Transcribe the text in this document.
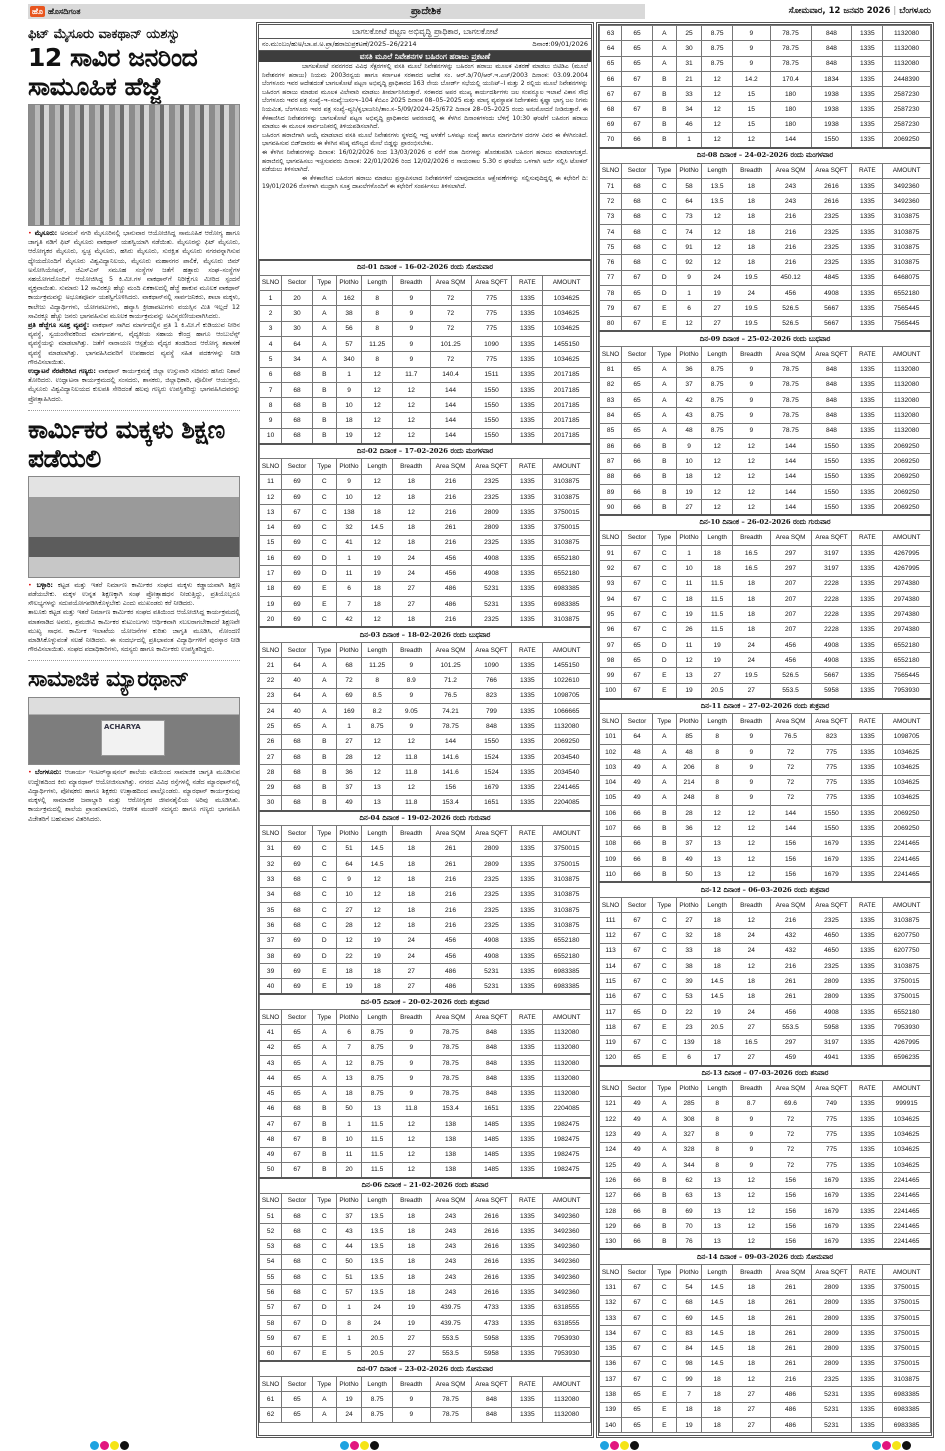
ಹೊ ಹೊಸದಿಗಂತ	ಪ್ರಾದೇಶಿಕ	ಸೋಮವಾರ, 12 ಜನವರಿ 2026 | ಬೆಂಗಳೂರು
ಫಿಟ್ ಮೈಸೂರು ವಾಕಥಾನ್ ಯಶಸ್ವು
12 ಸಾವಿರ ಜನರಿಂದ ಸಾಮೂಹಿಕ ಹೆಜ್ಜೆ

• ಮೈಸೂರು: ಅರಮನೆ ನಗರಿ ಮೈಸೂರಿನಲ್ಲಿ ಭಾನುವಾರ ಆಯೋಜಿಸಿದ್ದ ಸಾಮೂಹಿಕ ಆರೋಗ್ಯ ಹಾಗೂ ಜಾಗೃತಿ ನಡಿಗೆ ಫಿಟ್ ಮೈಸೂರು ವಾಕಥಾನ್ ಯಶಸ್ವಿಯಾಗಿ ನಡೆಯಿತು. ಮೈಸೂರನ್ನು ಫಿಟ್ ಮೈಸೂರು, ಆರೋಗ್ಯಕರ ಮೈಸೂರು, ಸ್ವಚ್ಛ ಮೈಸೂರು, ಹಸಿರು ಮೈಸೂರು, ಸುರಕ್ಷಿತ ಮೈಸೂರು ನಗರವನ್ನಾಗಿಸುವ ಧ್ಯೇಯದೊಂದಿಗೆ ಮೈಸೂರು ವಿಶ್ವವಿದ್ಯಾನಿಲಯ, ಮೈಸೂರು ಮಹಾನಗರ ಪಾಲಿಕೆ, ಮೈಸೂರು ಜಿಮ್ ಅಸೋಸಿಯೇಷನ್, ಜೆಎಸ್‌ಎಸ್ ಸಮೂಹ ಸಂಸ್ಥೆಗಳ ಜತೆಗೆ ಹತ್ತಾರು ಸಂಘ–ಸಂಸ್ಥೆಗಳ ಸಹಯೋಗದೊಂದಿಗೆ ಆಯೋಜಿಸಿದ್ದ 5 ಕಿ.ಮೀ.ಗಳ ವಾಕಥಾನ್‌ಗೆ ನಿರೀಕ್ಷೆಗೂ ಮೀರಿದ ಸ್ಪಂದನೆ ವ್ಯಕ್ತವಾಯಿತು. ಸುಮಾರು 12 ಸಾವಿರಕ್ಕೂ ಹೆಚ್ಚು ಮಂದಿ ಏಕಕಾಲದಲ್ಲಿ ಹೆಜ್ಜೆ ಹಾಕುವ ಮೂಲಕ ವಾಕಥಾನ್ ಕಾರ್ಯಕ್ರಮವನ್ನು ಅಭೂತಪೂರ್ವ ಯಶಸ್ವಿಗೊಳಿಸಿದರು. ವಾಕಥಾನ್‌ನಲ್ಲಿ ಸಾರ್ವಜನಿಕರು, ಶಾಲಾ ಮಕ್ಕಳು, ಕಾಲೇಜು ವಿದ್ಯಾರ್ಥಿಗಳು, ಯೋಗಪಟುಗಳು, ಹವ್ಯಾಸಿ ಕ್ರೀಡಾಪಟುಗಳು ವಯಸ್ಸಿನ ಮಿತಿ ಇಲ್ಲದೆ 12 ಸಾವಿರಕ್ಕೂ ಹೆಚ್ಚು ಜನರು ಭಾಗವಹಿಸುವ ಮೂಲಕ ಕಾರ್ಯಕ್ರಮವನ್ನು ಅವಿಸ್ಮರಣೀಯವಾಗಿಸಿದರು.

ಪ್ರತಿ ಹೆಜ್ಜೆಗೂ ಸೂಕ್ತ ವ್ಯವಸ್ಥೆ: ವಾಕಥಾನ್ ಸಾಗಿದ ಮಾರ್ಗದಲ್ಲಿನ ಪ್ರತಿ 1 ಕಿ.ಮೀ.ಗೆ ಕುಡಿಯುವ ನೀರಿನ ವ್ಯವಸ್ಥೆ, ಸ್ವಯಂಸೇವಕರಿಂದ ಮಾರ್ಗದರ್ಶನ, ವೈದ್ಯಕೀಯ ಸಹಾಯ ಕೇಂದ್ರ ಹಾಗೂ ಆಂಬುಲೆನ್ಸ್ ವ್ಯವಸ್ಥೆಯನ್ನು ಮಾಡಲಾಗಿತ್ತು. ಜತೆಗೆ ನಾರಾಯಣ ಆಸ್ಪತ್ರೆಯ ವೈದ್ಯರ ತಂಡದಿಂದ ಆರೋಗ್ಯ ತಪಾಸಣೆ ವ್ಯವಸ್ಥೆ ಮಾಡಲಾಗಿತ್ತು. ಭಾಗವಹಿಸಿದವರಿಗೆ ಉಪಹಾರದ ವ್ಯವಸ್ಥೆ ಸಹಿತ ಪದಕಗಳನ್ನು ನೀಡಿ ಗೌರವಿಸಲಾಯಿತು.

ಉದ್ಘಾಟನೆ ನೆರವೇರಿಸಿದ ಗಣ್ಯರು: ವಾಕಥಾನ್ ಕಾರ್ಯಕ್ರಮಕ್ಕೆ ಜಿಲ್ಲಾ ಉಸ್ತುವಾರಿ ಸಚಿವರು ಹಸಿರು ನಿಶಾನೆ ತೋರಿದರು. ಉದ್ಘಾಟನಾ ಕಾರ್ಯಕ್ರಮದಲ್ಲಿ ಸಂಸದರು, ಶಾಸಕರು, ಜಿಲ್ಲಾಧಿಕಾರಿ, ಪೊಲೀಸ್ ಆಯುಕ್ತರು, ಮೈಸೂರು ವಿಶ್ವವಿದ್ಯಾನಿಲಯದ ಕುಲಪತಿ ಸೇರಿದಂತೆ ಹಲವು ಗಣ್ಯರು ಉಪಸ್ಥಿತರಿದ್ದು ಭಾಗವಹಿಸಿದವರನ್ನು ಪ್ರೋತ್ಸಾಹಿಸಿದರು.

ಕಾರ್ಮಿಕರ ಮಕ್ಕಳು ಶಿಕ್ಷಣ ಪಡೆಯಲಿ

• ಬಳ್ಳಾರಿ: ಕಟ್ಟಡ ಮತ್ತು ಇತರೆ ನಿರ್ಮಾಣ ಕಾರ್ಮಿಕರ ಸಂಘದ ಮಕ್ಕಳು ಕಡ್ಡಾಯವಾಗಿ ಶಿಕ್ಷಣ ಪಡೆಯಬೇಕು. ಮಕ್ಕಳ ಉನ್ನತ ಶಿಕ್ಷಣಕ್ಕಾಗಿ ಸಂಘ ಪ್ರೋತ್ಸಾಹಧನ ನೀಡುತ್ತಿದ್ದು, ಪ್ರತಿಯೊಬ್ಬರೂ ಸೌಲಭ್ಯಗಳನ್ನು ಸದುಪಯೋಗಪಡಿಸಿಕೊಳ್ಳಬೇಕು ಎಂದು ಮುಖಂಡರು ಕರೆ ನೀಡಿದರು.

ತಾಲೂಕು ಕಟ್ಟಡ ಮತ್ತು ಇತರೆ ನಿರ್ಮಾಣ ಕಾರ್ಮಿಕರ ಸಂಘದ ವತಿಯಿಂದ ಆಯೋಜಿಸಿದ್ದ ಕಾರ್ಯಕ್ರಮದಲ್ಲಿ ಮಾತನಾಡಿದ ಅವರು, ಶ್ರಮಜೀವಿ ಕಾರ್ಮಿಕರ ಕುಟುಂಬಗಳು ಆರ್ಥಿಕವಾಗಿ ಸಬಲರಾಗಬೇಕಾದರೆ ಶಿಕ್ಷಣವೇ ಮುಖ್ಯ ಸಾಧನ. ಕಾರ್ಮಿಕ ಇಲಾಖೆಯ ಯೋಜನೆಗಳ ಕುರಿತು ಜಾಗೃತಿ ಮೂಡಿಸಿ, ನೋಂದಣಿ ಮಾಡಿಸಿಕೊಳ್ಳುವಂತೆ ಸಲಹೆ ನೀಡಿದರು. ಈ ಸಂದರ್ಭದಲ್ಲಿ ಪ್ರತಿಭಾವಂತ ವಿದ್ಯಾರ್ಥಿಗಳಿಗೆ ಪುರಸ್ಕಾರ ನೀಡಿ ಗೌರವಿಸಲಾಯಿತು. ಸಂಘದ ಪದಾಧಿಕಾರಿಗಳು, ಸದಸ್ಯರು ಹಾಗೂ ಕಾರ್ಮಿಕರು ಉಪಸ್ಥಿತರಿದ್ದರು.

ಸಾಮಾಜಿಕ ಮ್ಯಾರಥಾನ್
ACHARYA

• ಬೆಂಗಳೂರು: ಆಚಾರ್ಯ ಇಂಟರ್‌ನ್ಯಾಷನಲ್ ಶಾಲೆಯ ವತಿಯಿಂದ ಸಾಮಾಜಿಕ ಜಾಗೃತಿ ಮೂಡಿಸುವ ಉದ್ದೇಶದಿಂದ ಕಿರು ಮ್ಯಾರಥಾನ್ ಆಯೋಜಿಸಲಾಗಿತ್ತು. ನಗರದ ವಿವಿಧ ರಸ್ತೆಗಳಲ್ಲಿ ನಡೆದ ಮ್ಯಾರಥಾನ್‌ನಲ್ಲಿ ವಿದ್ಯಾರ್ಥಿಗಳು, ಪೋಷಕರು ಹಾಗೂ ಶಿಕ್ಷಕರು ಉತ್ಸಾಹದಿಂದ ಪಾಲ್ಗೊಂಡರು. ಮ್ಯಾರಥಾನ್ ಕಾರ್ಯಕ್ರಮವು ಮಕ್ಕಳಲ್ಲಿ ಸಾಮಾಜಿಕ ಜವಾಬ್ದಾರಿ ಮತ್ತು ಆರೋಗ್ಯಕರ ಜೀವನಶೈಲಿಯ ಅರಿವು ಮೂಡಿಸಿತು. ಕಾರ್ಯಕ್ರಮದಲ್ಲಿ ಶಾಲೆಯ ಪ್ರಾಂಶುಪಾಲರು, ಆಡಳಿತ ಮಂಡಳಿ ಸದಸ್ಯರು ಹಾಗೂ ಗಣ್ಯರು ಭಾಗವಹಿಸಿ ವಿಜೇತರಿಗೆ ಬಹುಮಾನ ವಿತರಿಸಿದರು.

ಬಾಗಲಕೋಟೆ ಪಟ್ಟಣ ಅಭಿವೃದ್ಧಿ ಪ್ರಾಧಿಕಾರ, ಬಾಗಲಕೋಟೆ
ನಂ.ಮುಂಬಂ/ಹುಅ/ಬಾ.ಪ.ಅ.ಪ್ರಾ/ಹರಾಜುಪ್ರಕಟಣೆ/2025–26/2214	ದಿನಾಂಕ:09/01/2026
ವಸತಿ ಮೂಲೆ ನಿವೇಶನಗಳ ಬಹಿರಂಗ ಹರಾಜು ಪ್ರಕಟಣೆ

ಬಾಗಲಕೋಟೆ ನವನಗರದ ವಿವಿಧ ಸೆಕ್ಟರಗಳಲ್ಲಿ ವಸತಿ ಮೂಲೆ ನಿವೇಶನಗಳನ್ನು ಬಹಿರಂಗ ಹರಾಜು ಮೂಲಕ ವಿತರಣೆ ಮಾಡಲು ಬಿಟಿಡಿಎ (ಮೂಲೆ ನಿವೇಶನಗಳ ಹರಾಜು) ನಿಯಮ 2003ರನ್ವಯ ಹಾಗೂ ಕರ್ನಾಟಕ ಸರಕಾರದ ಆದೇಶ ಸಂ. ಆರ್.ಡಿ/70/ಆರ್.ಇ.ಎಚ್/2003 ದಿನಾಂಕ: 03.09.2004 ಬೆಂಗಳೂರು ಇವರ ಆದೇಶದಂತೆ ಬಾಗಲಕೋಟೆ ಪಟ್ಟಣ ಅಭಿವೃದ್ಧಿ ಪ್ರಾಧಿಕಾರದ 163 ನೇಯ ಬೋರ್ಡ್ ಸಭೆಯಲ್ಲಿ ಯುನಿಟ್–I ಮತ್ತು 2 ರಲ್ಲಿಯ ಮೂಲೆ ನಿವೇಶನಗಳನ್ನು ಬಹಿರಂಗ ಹರಾಜು ಮಾಡುವ ಮೂಲಕ ವಿಲೇವಾರಿ ಮಾಡಲು ತೀರ್ಮಾನಿಸಿರುತ್ತಾರೆ. ಸರಕಾರದ ಅಪರ ಮುಖ್ಯ ಕಾರ್ಯದರ್ಶಿಗಳು ಜಲ ಸಂಪನ್ಮೂಲ ಇಲಾಖೆ ವಿಕಾಸ ಸೌಧ ಬೆಂಗಳೂರು ಇವರ ಪತ್ರ ಸಂಖ್ಯೆ–ಇ–ಸಂಖ್ಯೆ:ಜಸಂಇ–104 ಕೆಬಿಎಂ 2025 ದಿನಾಂಕ 08–05–2025 ಮತ್ತು ಮಾನ್ಯ ವ್ಯವಸ್ಥಾಪಕ ನಿರ್ದೇಶಕರು ಕೃಷ್ಣಾ ಭಾಗ್ಯ ಜಲ ನಿಗಮ ನಿಯಮಿತ, ಬೆಂಗಳೂರು ಇವರ ಪತ್ರ ಸಂಖ್ಯೆ–ವ್ಯನಿ/ಕೃಭಾಜನಿನಿ/ತಾಂ.ಸ–5/09/2024–25/672 ದಿನಾಂಕ 28–05–2025 ರಂದು ಅನುಮೋದನೆ ನೀಡಿರುತ್ತಾರೆ. ಈ ಕೆಳಕಾಣಿಸಿದ ನಿವೇಶನಗಳನ್ನು ಬಾಗಲಕೋಟೆ ಪಟ್ಟಣ ಅಭಿವೃದ್ಧಿ ಪ್ರಾಧಿಕಾರದ ಆವರಣದಲ್ಲಿ ಈ ಕೆಳಗಿನ ದಿನಾಂಕಗಳಂದು ಬೆಳಿಗ್ಗೆ 10:30 ಘಂಟೆಗೆ ಬಹಿರಂಗ ಹರಾಜು ಮಾಡಲು ಈ ಮೂಲಕ ಸಾರ್ವಜನಿಕರಲ್ಲಿ ತಿಳಿಯಪಡಿಸಲಾಗಿದೆ.

ಬಹಿರಂಗ ಹರಾಜಿಗಾಗಿ ಆಯ್ಕೆ ಮಾಡಲಾದ ವಸತಿ ಮೂಲೆ ನಿವೇಶನಗಳು ಸ್ಥಳದಲ್ಲಿ ಇದ್ದ ಅಳತೆಗೆ ಒಳಪಟ್ಟು ಸಂಖ್ಯೆ ಹಾಗೂ ಮಾರ್ಗದಿಗಳ ದರಗಳ ವಿವರ ಈ ಕೆಳಗಿನಂತಿದೆ. ಭಾಗವಹಿಸುವ ಬಿಡ್‌ದಾರರು ಈ ಕೆಳಗಿನ ಕನಿಷ್ಠ ಮೌಲ್ಯದ ಮೇಲೆ ಬಿಡ್ಡನ್ನು ಪ್ರಾರಂಭಿಸಬೇಕು.

ಈ ಕೆಳಗಿನ ನಿವೇಶನಗಳನ್ನು ದಿನಾಂಕ: 16/02/2026 ರಿಂದ 13/03/2026 ರ ವರೆಗೆ ರಜಾ ದಿನಗಳನ್ನು ಹೊರತುಪಡಿಸಿ ಬಹಿರಂಗ ಹರಾಜು ಮಾಡಲಾಗುತ್ತದೆ. ಹರಾಜಿನಲ್ಲಿ ಭಾಗವಹಿಸಲು ಇಚ್ಛಿಸುವವರು ದಿನಾಂಕ: 22/01/2026 ರಿಂದ 12/02/2026 ರ ಸಾಯಂಕಾಲ 5.30 ರ ಘಂಟೆಯ ಒಳಗಾಗಿ ಅರ್ಜಿ ಸಲ್ಲಿಸಿ ಟೋಕನ್ ಪಡೆಯಲು ತಿಳಿಸಲಾಗಿದೆ.

ಈ ಕೆಳಕಾಣಿಸಿದ ಬಹಿರಂಗ ಹರಾಜು ಮಾಡಲು ಪ್ರಸ್ತಾಪಿಸಲಾದ ನಿವೇಶನಗಳಿಗೆ ಯಾವುದಾದರೂ ಆಕ್ಷೇಪಣೆಗಳನ್ನು ಸಲ್ಲಿಸುವುದಿದ್ದಲ್ಲಿ ಈ ಕಛೇರಿಗೆ ದಿ: 19/01/2026 ರೊಳಗಾಗಿ ಮುದ್ರಾಗಿ ಸೂಕ್ತ ದಾಖಲೆಗಳೊಂದಿಗೆ ಈ ಕಛೇರಿಗೆ ಸಂಪರ್ಕಿಸಲು ತಿಳಿಸಲಾಗಿದೆ.

ದಿನ-01 ದಿನಾಂಕ – 16-02-2026 ರಂದು ಸೋಮವಾರ									
SLNO	Sector	Type	PlotNo	Length	Breadth	Area SQM	Area SQFT	RATE	AMOUNT
1	20	A	162	8	9	72	775	1335	1034625
2	30	A	38	8	9	72	775	1335	1034625
3	30	A	56	8	9	72	775	1335	1034625
4	64	A	57	11.25	9	101.25	1090	1335	1455150
5	34	A	340	8	9	72	775	1335	1034625
6	68	B	1	12	11.7	140.4	1511	1335	2017185
7	68	B	9	12	12	144	1550	1335	2017185
8	68	B	10	12	12	144	1550	1335	2017185
9	68	B	18	12	12	144	1550	1335	2017185
10	68	B	19	12	12	144	1550	1335	2017185
ದಿನ-02 ದಿನಾಂಕ – 17-02-2026 ರಂದು ಮಂಗಳವಾರ									
SLNO	Sector	Type	PlotNo	Length	Breadth	Area SQM	Area SQFT	RATE	AMOUNT
11	69	C	9	12	18	216	2325	1335	3103875
12	69	C	10	12	18	216	2325	1335	3103875
13	67	C	138	18	12	216	2809	1335	3750015
14	69	C	32	14.5	18	261	2809	1335	3750015
15	69	C	41	12	18	216	2325	1335	3103875
16	69	D	1	19	24	456	4908	1335	6552180
17	69	D	11	19	24	456	4908	1335	6552180
18	69	E	6	18	27	486	5231	1335	6983385
19	69	E	7	18	27	486	5231	1335	6983385
20	69	C	42	12	18	216	2325	1335	3103875
ದಿನ-03 ದಿನಾಂಕ – 18-02-2026 ರಂದು ಬುಧವಾರ									
SLNO	Sector	Type	PlotNo	Length	Breadth	Area SQM	Area SQFT	RATE	AMOUNT
21	64	A	68	11.25	9	101.25	1090	1335	1455150
22	40	A	72	8	8.9	71.2	766	1335	1022610
23	64	A	69	8.5	9	76.5	823	1335	1098705
24	40	A	169	8.2	9.05	74.21	799	1335	1066665
25	65	A	1	8.75	9	78.75	848	1335	1132080
26	68	B	27	12	12	144	1550	1335	2069250
27	68	B	28	12	11.8	141.6	1524	1335	2034540
28	68	B	36	12	11.8	141.6	1524	1335	2034540
29	68	B	37	13	12	156	1679	1335	2241465
30	68	B	49	13	11.8	153.4	1651	1335	2204085
ದಿನ-04 ದಿನಾಂಕ – 19-02-2026 ರಂದು ಗುರುವಾರ									
SLNO	Sector	Type	PlotNo	Length	Breadth	Area SQM	Area SQFT	RATE	AMOUNT
31	69	C	51	14.5	18	261	2809	1335	3750015
32	69	C	64	14.5	18	261	2809	1335	3750015
33	68	C	9	12	18	216	2325	1335	3103875
34	68	C	10	12	18	216	2325	1335	3103875
35	68	C	27	12	18	216	2325	1335	3103875
36	68	C	28	12	18	216	2325	1335	3103875
37	69	D	12	19	24	456	4908	1335	6552180
38	69	D	22	19	24	456	4908	1335	6552180
39	69	E	18	18	27	486	5231	1335	6983385
40	69	E	19	18	27	486	5231	1335	6983385
ದಿನ-05 ದಿನಾಂಕ – 20-02-2026 ರಂದು ಶುಕ್ರವಾರ									
SLNO	Sector	Type	PlotNo	Length	Breadth	Area SQM	Area SQFT	RATE	AMOUNT
41	65	A	6	8.75	9	78.75	848	1335	1132080
42	65	A	7	8.75	9	78.75	848	1335	1132080
43	65	A	12	8.75	9	78.75	848	1335	1132080
44	65	A	13	8.75	9	78.75	848	1335	1132080
45	65	A	18	8.75	9	78.75	848	1335	1132080
46	68	B	50	13	11.8	153.4	1651	1335	2204085
47	67	B	1	11.5	12	138	1485	1335	1982475
48	67	B	10	11.5	12	138	1485	1335	1982475
49	67	B	11	11.5	12	138	1485	1335	1982475
50	67	B	20	11.5	12	138	1485	1335	1982475
ದಿನ-06 ದಿನಾಂಕ – 21-02-2026 ರಂದು ಶನಿವಾರ									
SLNO	Sector	Type	PlotNo	Length	Breadth	Area SQM	Area SQFT	RATE	AMOUNT
51	68	C	37	13.5	18	243	2616	1335	3492360
52	68	C	43	13.5	18	243	2616	1335	3492360
53	68	C	44	13.5	18	243	2616	1335	3492360
54	68	C	50	13.5	18	243	2616	1335	3492360
55	68	C	51	13.5	18	243	2616	1335	3492360
56	68	C	57	13.5	18	243	2616	1335	3492360
57	67	D	1	24	19	439.75	4733	1335	6318555
58	67	D	8	24	19	439.75	4733	1335	6318555
59	67	E	1	20.5	27	553.5	5958	1335	7953930
60	67	E	5	20.5	27	553.5	5958	1335	7953930
ದಿನ-07 ದಿನಾಂಕ – 23-02-2026 ರಂದು ಸೋಮವಾರ									
SLNO	Sector	Type	PlotNo	Length	Breadth	Area SQM	Area SQFT	RATE	AMOUNT
61	65	A	19	8.75	9	78.75	848	1335	1132080
62	65	A	24	8.75	9	78.75	848	1335	1132080
63	65	A	25	8.75	9	78.75	848	1335	1132080
64	65	A	30	8.75	9	78.75	848	1335	1132080
65	65	A	31	8.75	9	78.75	848	1335	1132080
66	67	B	21	12	14.2	170.4	1834	1335	2448390
67	67	B	33	12	15	180	1938	1335	2587230
68	67	B	34	12	15	180	1938	1335	2587230
69	67	B	46	12	15	180	1938	1335	2587230
70	66	B	1	12	12	144	1550	1335	2069250
ದಿನ-08 ದಿನಾಂಕ – 24-02-2026 ರಂದು ಮಂಗಳವಾರ									
SLNO	Sector	Type	PlotNo	Length	Breadth	Area SQM	Area SQFT	RATE	AMOUNT
71	68	C	58	13.5	18	243	2616	1335	3492360
72	68	C	64	13.5	18	243	2616	1335	3492360
73	68	C	73	12	18	216	2325	1335	3103875
74	68	C	74	12	18	216	2325	1335	3103875
75	68	C	91	12	18	216	2325	1335	3103875
76	68	C	92	12	18	216	2325	1335	3103875
77	67	D	9	24	19.5	450.12	4845	1335	6468075
78	65	D	1	19	24	456	4908	1335	6552180
79	67	E	6	27	19.5	526.5	5667	1335	7565445
80	67	E	12	27	19.5	526.5	5667	1335	7565445
ದಿನ-09 ದಿನಾಂಕ – 25-02-2026 ರಂದು ಬುಧವಾರ									
SLNO	Sector	Type	PlotNo	Length	Breadth	Area SQM	Area SQFT	RATE	AMOUNT
81	65	A	36	8.75	9	78.75	848	1335	1132080
82	65	A	37	8.75	9	78.75	848	1335	1132080
83	65	A	42	8.75	9	78.75	848	1335	1132080
84	65	A	43	8.75	9	78.75	848	1335	1132080
85	65	A	48	8.75	9	78.75	848	1335	1132080
86	66	B	9	12	12	144	1550	1335	2069250
87	66	B	10	12	12	144	1550	1335	2069250
88	66	B	18	12	12	144	1550	1335	2069250
89	66	B	19	12	12	144	1550	1335	2069250
90	66	B	27	12	12	144	1550	1335	2069250
ದಿನ-10 ದಿನಾಂಕ – 26-02-2026 ರಂದು ಗುರುವಾರ									
SLNO	Sector	Type	PlotNo	Length	Breadth	Area SQM	Area SQFT	RATE	AMOUNT
91	67	C	1	18	16.5	297	3197	1335	4267995
92	67	C	10	18	16.5	297	3197	1335	4267995
93	67	C	11	11.5	18	207	2228	1335	2974380
94	67	C	18	11.5	18	207	2228	1335	2974380
95	67	C	19	11.5	18	207	2228	1335	2974380
96	67	C	26	11.5	18	207	2228	1335	2974380
97	65	D	11	19	24	456	4908	1335	6552180
98	65	D	12	19	24	456	4908	1335	6552180
99	67	E	13	27	19.5	526.5	5667	1335	7565445
100	67	E	19	20.5	27	553.5	5958	1335	7953930
ದಿನ-11 ದಿನಾಂಕ – 27-02-2026 ರಂದು ಶುಕ್ರವಾರ									
SLNO	Sector	Type	PlotNo	Length	Breadth	Area SQM	Area SQFT	RATE	AMOUNT
101	64	A	85	8	9	76.5	823	1335	1098705
102	48	A	48	8	9	72	775	1335	1034625
103	49	A	206	8	9	72	775	1335	1034625
104	49	A	214	8	9	72	775	1335	1034625
105	49	A	248	8	9	72	775	1335	1034625
106	66	B	28	12	12	144	1550	1335	2069250
107	66	B	36	12	12	144	1550	1335	2069250
108	66	B	37	13	12	156	1679	1335	2241465
109	66	B	49	13	12	156	1679	1335	2241465
110	66	B	50	13	12	156	1679	1335	2241465
ದಿನ-12 ದಿನಾಂಕ – 06-03-2026 ರಂದು ಶುಕ್ರವಾರ									
SLNO	Sector	Type	PlotNo	Length	Breadth	Area SQM	Area SQFT	RATE	AMOUNT
111	67	C	27	18	12	216	2325	1335	3103875
112	67	C	32	18	24	432	4650	1335	6207750
113	67	C	33	18	24	432	4650	1335	6207750
114	67	C	38	18	12	216	2325	1335	3103875
115	67	C	39	14.5	18	261	2809	1335	3750015
116	67	C	53	14.5	18	261	2809	1335	3750015
117	65	D	22	19	24	456	4908	1335	6552180
118	67	E	23	20.5	27	553.5	5958	1335	7953930
119	67	C	139	18	16.5	297	3197	1335	4267995
120	65	E	6	17	27	459	4941	1335	6596235
ದಿನ-13 ದಿನಾಂಕ – 07-03-2026 ರಂದು ಶನಿವಾರ									
SLNO	Sector	Type	PlotNo	Length	Breadth	Area SQM	Area SQFT	RATE	AMOUNT
121	49	A	285	8	8.7	69.6	749	1335	999915
122	49	A	308	8	9	72	775	1335	1034625
123	49	A	327	8	9	72	775	1335	1034625
124	49	A	328	8	9	72	775	1335	1034625
125	49	A	344	8	9	72	775	1335	1034625
126	66	B	62	13	12	156	1679	1335	2241465
127	66	B	63	13	12	156	1679	1335	2241465
128	66	B	69	13	12	156	1679	1335	2241465
129	66	B	70	13	12	156	1679	1335	2241465
130	66	B	76	13	12	156	1679	1335	2241465
ದಿನ-14 ದಿನಾಂಕ – 09-03-2026 ರಂದು ಸೋಮವಾರ									
SLNO	Sector	Type	PlotNo	Length	Breadth	Area SQM	Area SQFT	RATE	AMOUNT
131	67	C	54	14.5	18	261	2809	1335	3750015
132	67	C	68	14.5	18	261	2809	1335	3750015
133	67	C	69	14.5	18	261	2809	1335	3750015
134	67	C	83	14.5	18	261	2809	1335	3750015
135	67	C	84	14.5	18	261	2809	1335	3750015
136	67	C	98	14.5	18	261	2809	1335	3750015
137	67	C	99	18	12	216	2325	1335	3103875
138	65	E	7	18	27	486	5231	1335	6983385
139	65	E	18	18	27	486	5231	1335	6983385
140	65	E	19	18	27	486	5231	1335	6983385
